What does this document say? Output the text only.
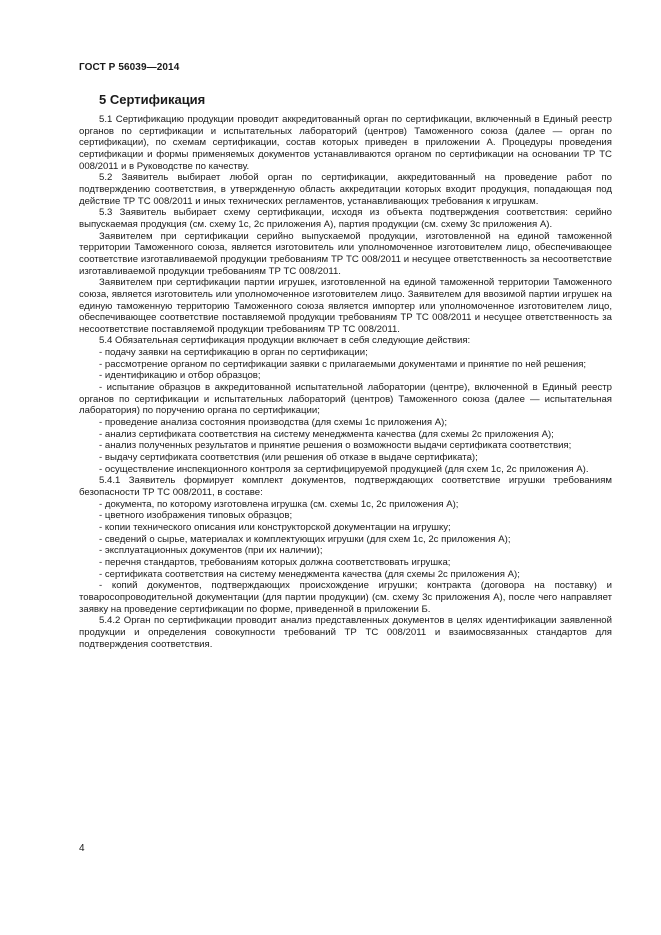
ГОСТ Р 56039—2014
5 Сертификация

5.1 Сертификацию продукции проводит аккредитованный орган по сертификации, включенный в Единый реестр органов по сертификации и испытательных лабораторий (центров) Таможенного союза (далее — орган по сертификации), по схемам сертификации, состав которых приведен в приложении А. Процедуры проведения сертификации и формы применяемых документов устанавливаются органом по сертификации на основании ТР ТС 008/2011 и в Руководстве по качеству.

5.2 Заявитель выбирает любой орган по сертификации, аккредитованный на проведение работ по подтверждению соответствия, в утвержденную область аккредитации которых входит продукция, попадающая под действие ТР ТС 008/2011 и иных технических регламентов, устанавливающих требования к игрушкам.

5.3 Заявитель выбирает схему сертификации, исходя из объекта подтверждения соответствия: серийно выпускаемая продукция (см. схему 1с, 2с приложения А), партия продукции (см. схему 3с приложения А).

Заявителем при сертификации серийно выпускаемой продукции, изготовленной на единой таможенной территории Таможенного союза, является изготовитель или уполномоченное изготовителем лицо, обеспечивающее соответствие изготавливаемой продукции требованиям ТР ТС 008/2011 и несущее ответственность за несоответствие изготавливаемой продукции требованиям ТР ТС 008/2011.

Заявителем при сертификации партии игрушек, изготовленной на единой таможенной территории Таможенного союза, является изготовитель или уполномоченное изготовителем лицо. Заявителем для ввозимой партии игрушек на единую таможенную территорию Таможенного союза является импортер или уполномоченное изготовителем лицо, обеспечивающее соответствие поставляемой продукции требованиям ТР ТС 008/2011 и несущее ответственность за несоответствие поставляемой продукции требованиям ТР ТС 008/2011.

5.4 Обязательная сертификация продукции включает в себя следующие действия:

- подачу заявки на сертификацию в орган по сертификации;

- рассмотрение органом по сертификации заявки с прилагаемыми документами и принятие по ней решения;

- идентификацию и отбор образцов;

- испытание образцов в аккредитованной испытательной лаборатории (центре), включенной в Единый реестр органов по сертификации и испытательных лабораторий (центров) Таможенного союза (далее — испытательная лаборатория) по поручению органа по сертификации;

- проведение анализа состояния производства (для схемы 1с приложения А);

- анализ сертификата соответствия на систему менеджмента качества (для схемы 2с приложения А);

- анализ полученных результатов и принятие решения о возможности выдачи сертификата соответствия;

- выдачу сертификата соответствия (или решения об отказе в выдаче сертификата);

- осуществление инспекционного контроля за сертифицируемой продукцией (для схем 1с, 2с приложения А).

5.4.1 Заявитель формирует комплект документов, подтверждающих соответствие игрушки требованиям безопасности ТР ТС 008/2011, в составе:

- документа, по которому изготовлена игрушка (см. схемы 1с, 2с приложения А);

- цветного изображения типовых образцов;

- копии технического описания или конструкторской документации на игрушку;

- сведений о сырье, материалах и комплектующих игрушки (для схем 1с, 2с приложения А);

- эксплуатационных документов (при их наличии);

- перечня стандартов, требованиям которых должна соответствовать игрушка;

- сертификата соответствия на систему менеджмента качества (для схемы 2с приложения А);

- копий документов, подтверждающих происхождение игрушки; контракта (договора на поставку) и товаросопроводительной документации (для партии продукции) (см. схему 3с приложения А), после чего направляет заявку на проведение сертификации по форме, приведенной в приложении Б.

5.4.2 Орган по сертификации проводит анализ представленных документов в целях идентификации заявленной продукции и определения совокупности требований ТР ТС 008/2011 и взаимосвязанных стандартов для подтверждения соответствия.

4
